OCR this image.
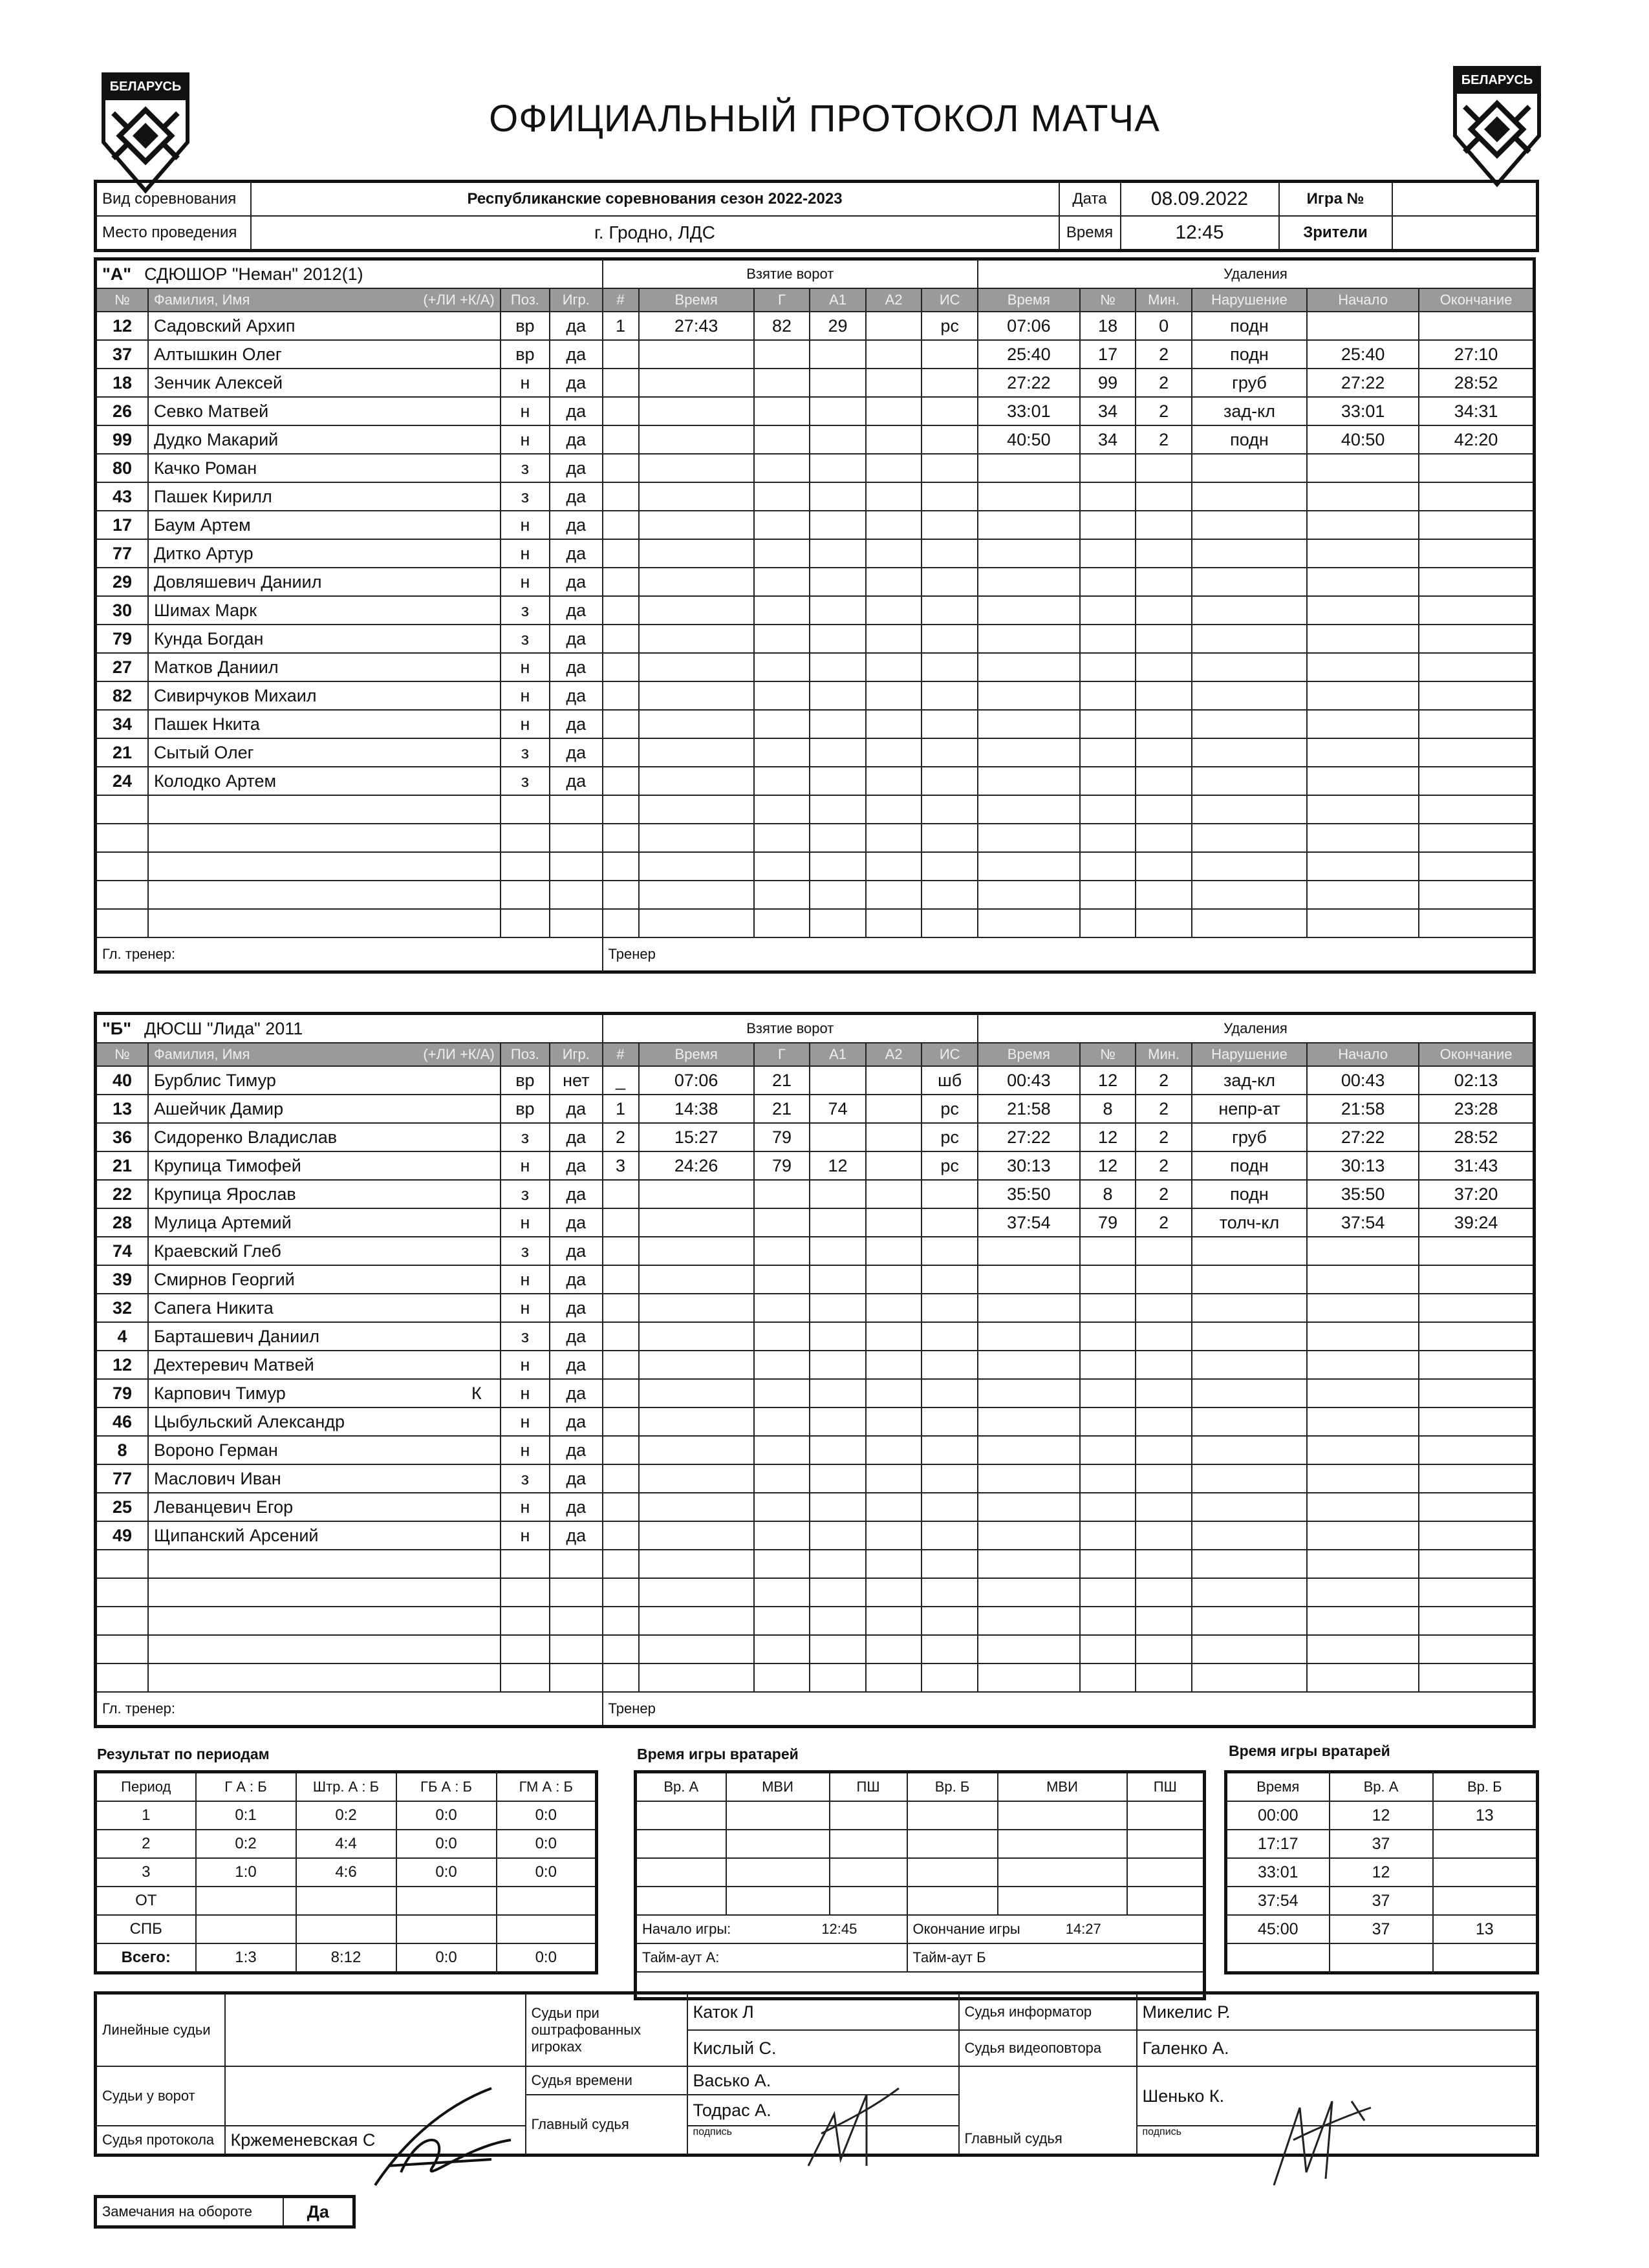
БЕЛАРУСЬ	БЕЛАРУСЬ
ОФИЦИАЛЬНЫЙ ПРОТОКОЛ МАТЧА
Вид соревнования	Республиканские соревнования сезон 2022-2023	Дата	08.09.2022	Игра №	
Место проведения	г. Гродно, ЛДС	Время	12:45	Зрители	
"А" СДЮШОР "Неман" 2012(1)				Взятие ворот						Удаления					
№	Фамилия, Имя (+ЛИ +К/А)	Поз.	Игр.	#	Время	Г	А1	А2	ИС	Время	№	Мин.	Нарушение	Начало	Окончание
12	Садовский Архип	вр	да	1	27:43	82	29		рс	07:06	18	0	подн		
37	Алтышкин Олег	вр	да							25:40	17	2	подн	25:40	27:10
18	Зенчик Алексей	н	да							27:22	99	2	груб	27:22	28:52
26	Севко Матвей	н	да							33:01	34	2	зад-кл	33:01	34:31
99	Дудко Макарий	н	да							40:50	34	2	подн	40:50	42:20
80	Качко Роман	з	да												
43	Пашек Кирилл	з	да												
17	Баум Артем	н	да												
77	Дитко Артур	н	да												
29	Довляшевич Даниил	н	да												
30	Шимах Марк	з	да												
79	Кунда Богдан	з	да												
27	Матков Даниил	н	да												
82	Сивирчуков Михаил	н	да												
34	Пашек Нкита	н	да												
21	Сытый Олег	з	да												
24	Колодко Артем	з	да												

Гл. тренер:				Тренер											
"Б" ДЮСШ "Лида" 2011				Взятие ворот						Удаления					
№	Фамилия, Имя (+ЛИ +К/А)	Поз.	Игр.	#	Время	Г	А1	А2	ИС	Время	№	Мин.	Нарушение	Начало	Окончание
40	Бурблис Тимур	вр	нет	_	07:06	21			шб	00:43	12	2	зад-кл	00:43	02:13
13	Ашейчик Дамир	вр	да	1	14:38	21	74		рс	21:58	8	2	непр-ат	21:58	23:28
36	Сидоренко Владислав	з	да	2	15:27	79			рс	27:22	12	2	груб	27:22	28:52
21	Крупица Тимофей	н	да	3	24:26	79	12		рс	30:13	12	2	подн	30:13	31:43
22	Крупица Ярослав	з	да							35:50	8	2	подн	35:50	37:20
28	Мулица Артемий	н	да							37:54	79	2	толч-кл	37:54	39:24
74	Краевский Глеб	з	да												
39	Смирнов Георгий	н	да												
32	Сапега Никита	н	да												
4	Барташевич Даниил	з	да												
12	Дехтеревич Матвей	н	да												
79	Карпович Тимур К	н	да												
46	Цыбульский Александр	н	да												
8	Вороно Герман	н	да												
77	Маслович Иван	з	да												
25	Леванцевич Егор	н	да												
49	Щипанский Арсений	н	да												

Гл. тренер:				Тренер											
Результат по периодам
Период	Г А : Б	Штр. А : Б	ГБ А : Б	ГМ А : Б
1	0:1	0:2	0:0	0:0
2	0:2	4:4	0:0	0:0
3	1:0	4:6	0:0	0:0
ОТ				
СПБ				
Всего:	1:3	8:12	0:0	0:0
Время игры вратарей
Вр. А	МВИ	ПШ	Вр. Б	МВИ	ПШ

Начало игры: 12:45			Окончание игры 14:27		
Тайм-аут А:			Тайм-аут Б		

Время игры вратарей
Время	Вр. А	Вр. Б
00:00	12	13
17:17	37	
33:01	12	
37:54	37	
45:00	37	13

Линейные судьи		Судьи при оштрафованных игроках	Каток Л	Судья информатор	Микелис Р.
			Кислый С.	Судья видеоповтора	Галенко А.
Судьи у ворот		Судья времени	Васько А.	Главный судья	Шенько К.
		Главный судья	Тодрас А.		
Судья протокола	Кржеменевская С		подпись		подпись
Замечания на обороте	Да
